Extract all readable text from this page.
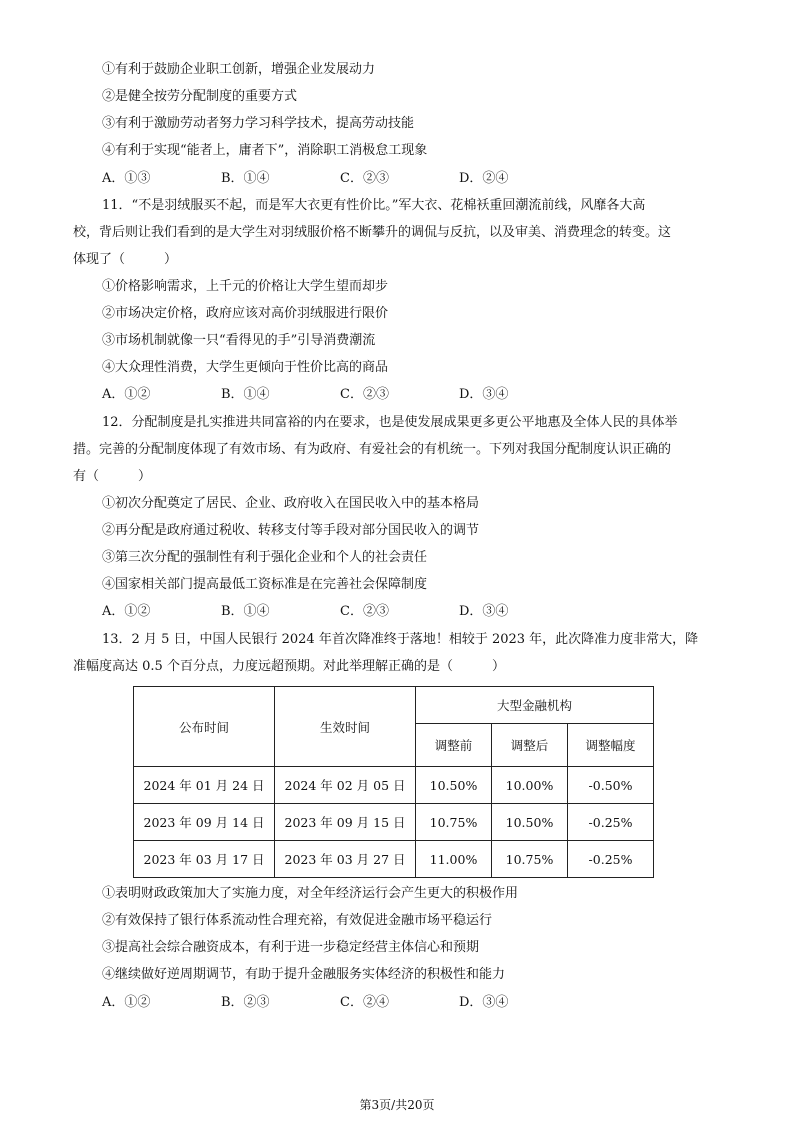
①有利于鼓励企业职工创新，增强企业发展动力
②是健全按劳分配制度的重要方式
③有利于激励劳动者努力学习科学技术，提高劳动技能
④有利于实现“能者上，庸者下”，消除职工消极怠工现象
A．①③	B．①④	C．②③	D．②④
11．“不是羽绒服买不起，而是军大衣更有性价比。”军大衣、花棉袄重回潮流前线，风靡各大高
校，背后则让我们看到的是大学生对羽绒服价格不断攀升的调侃与反抗，以及审美、消费理念的转变。这
体现了（　　　）
①价格影响需求，上千元的价格让大学生望而却步
②市场决定价格，政府应该对高价羽绒服进行限价
③市场机制就像一只“看得见的手”引导消费潮流
④大众理性消费，大学生更倾向于性价比高的商品
A．①②	B．①④	C．②③	D．③④
12．分配制度是扎实推进共同富裕的内在要求，也是使发展成果更多更公平地惠及全体人民的具体举
措。完善的分配制度体现了有效市场、有为政府、有爱社会的有机统一。下列对我国分配制度认识正确的
有（　　　）
①初次分配奠定了居民、企业、政府收入在国民收入中的基本格局
②再分配是政府通过税收、转移支付等手段对部分国民收入的调节
③第三次分配的强制性有利于强化企业和个人的社会责任
④国家相关部门提高最低工资标准是在完善社会保障制度
A．①②	B．①④	C．②③	D．③④
13．2 月 5 日，中国人民银行 2024 年首次降准终于落地！相较于 2023 年，此次降准力度非常大，降
准幅度高达 0.5 个百分点，力度远超预期。对此举理解正确的是（　　　）
公布时间	生效时间	大型金融机构		
		调整前	调整后	调整幅度
2024 年 01 月 24 日	2024 年 02 月 05 日	10.50%	10.00%	-0.50%
2023 年 09 月 14 日	2023 年 09 月 15 日	10.75%	10.50%	-0.25%
2023 年 03 月 17 日	2023 年 03 月 27 日	11.00%	10.75%	-0.25%
①表明财政政策加大了实施力度，对全年经济运行会产生更大的积极作用
②有效保持了银行体系流动性合理充裕，有效促进金融市场平稳运行
③提高社会综合融资成本，有利于进一步稳定经营主体信心和预期
④继续做好逆周期调节，有助于提升金融服务实体经济的积极性和能力
A．①②	B．②③	C．②④	D．③④
第3页/共20页
